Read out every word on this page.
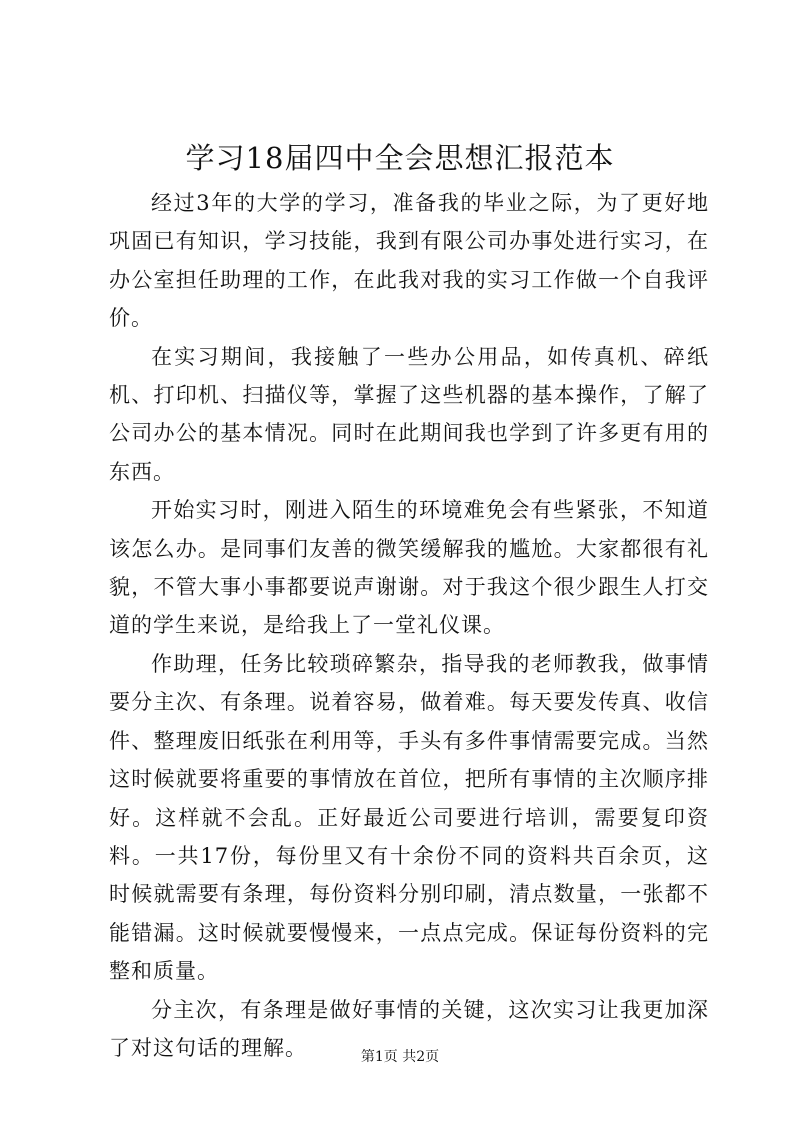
学习18届四中全会思想汇报范本

经过3年的大学的学习，准备我的毕业之际，为了更好地巩固已有知识，学习技能，我到有限公司办事处进行实习，在办公室担任助理的工作，在此我对我的实习工作做一个自我评价。

在实习期间，我接触了一些办公用品，如传真机、碎纸机、打印机、扫描仪等，掌握了这些机器的基本操作，了解了公司办公的基本情况。同时在此期间我也学到了许多更有用的东西。

开始实习时，刚进入陌生的环境难免会有些紧张，不知道该怎么办。是同事们友善的微笑缓解我的尴尬。大家都很有礼貌，不管大事小事都要说声谢谢。对于我这个很少跟生人打交道的学生来说，是给我上了一堂礼仪课。

作助理，任务比较琐碎繁杂，指导我的老师教我，做事情要分主次、有条理。说着容易，做着难。每天要发传真、收信件、整理废旧纸张在利用等，手头有多件事情需要完成。当然这时候就要将重要的事情放在首位，把所有事情的主次顺序排好。这样就不会乱。正好最近公司要进行培训，需要复印资料。一共17份，每份里又有十余份不同的资料共百余页，这时候就需要有条理，每份资料分别印刷，清点数量，一张都不能错漏。这时候就要慢慢来，一点点完成。保证每份资料的完整和质量。

分主次，有条理是做好事情的关键，这次实习让我更加深了对这句话的理解。	第1页 共2页
